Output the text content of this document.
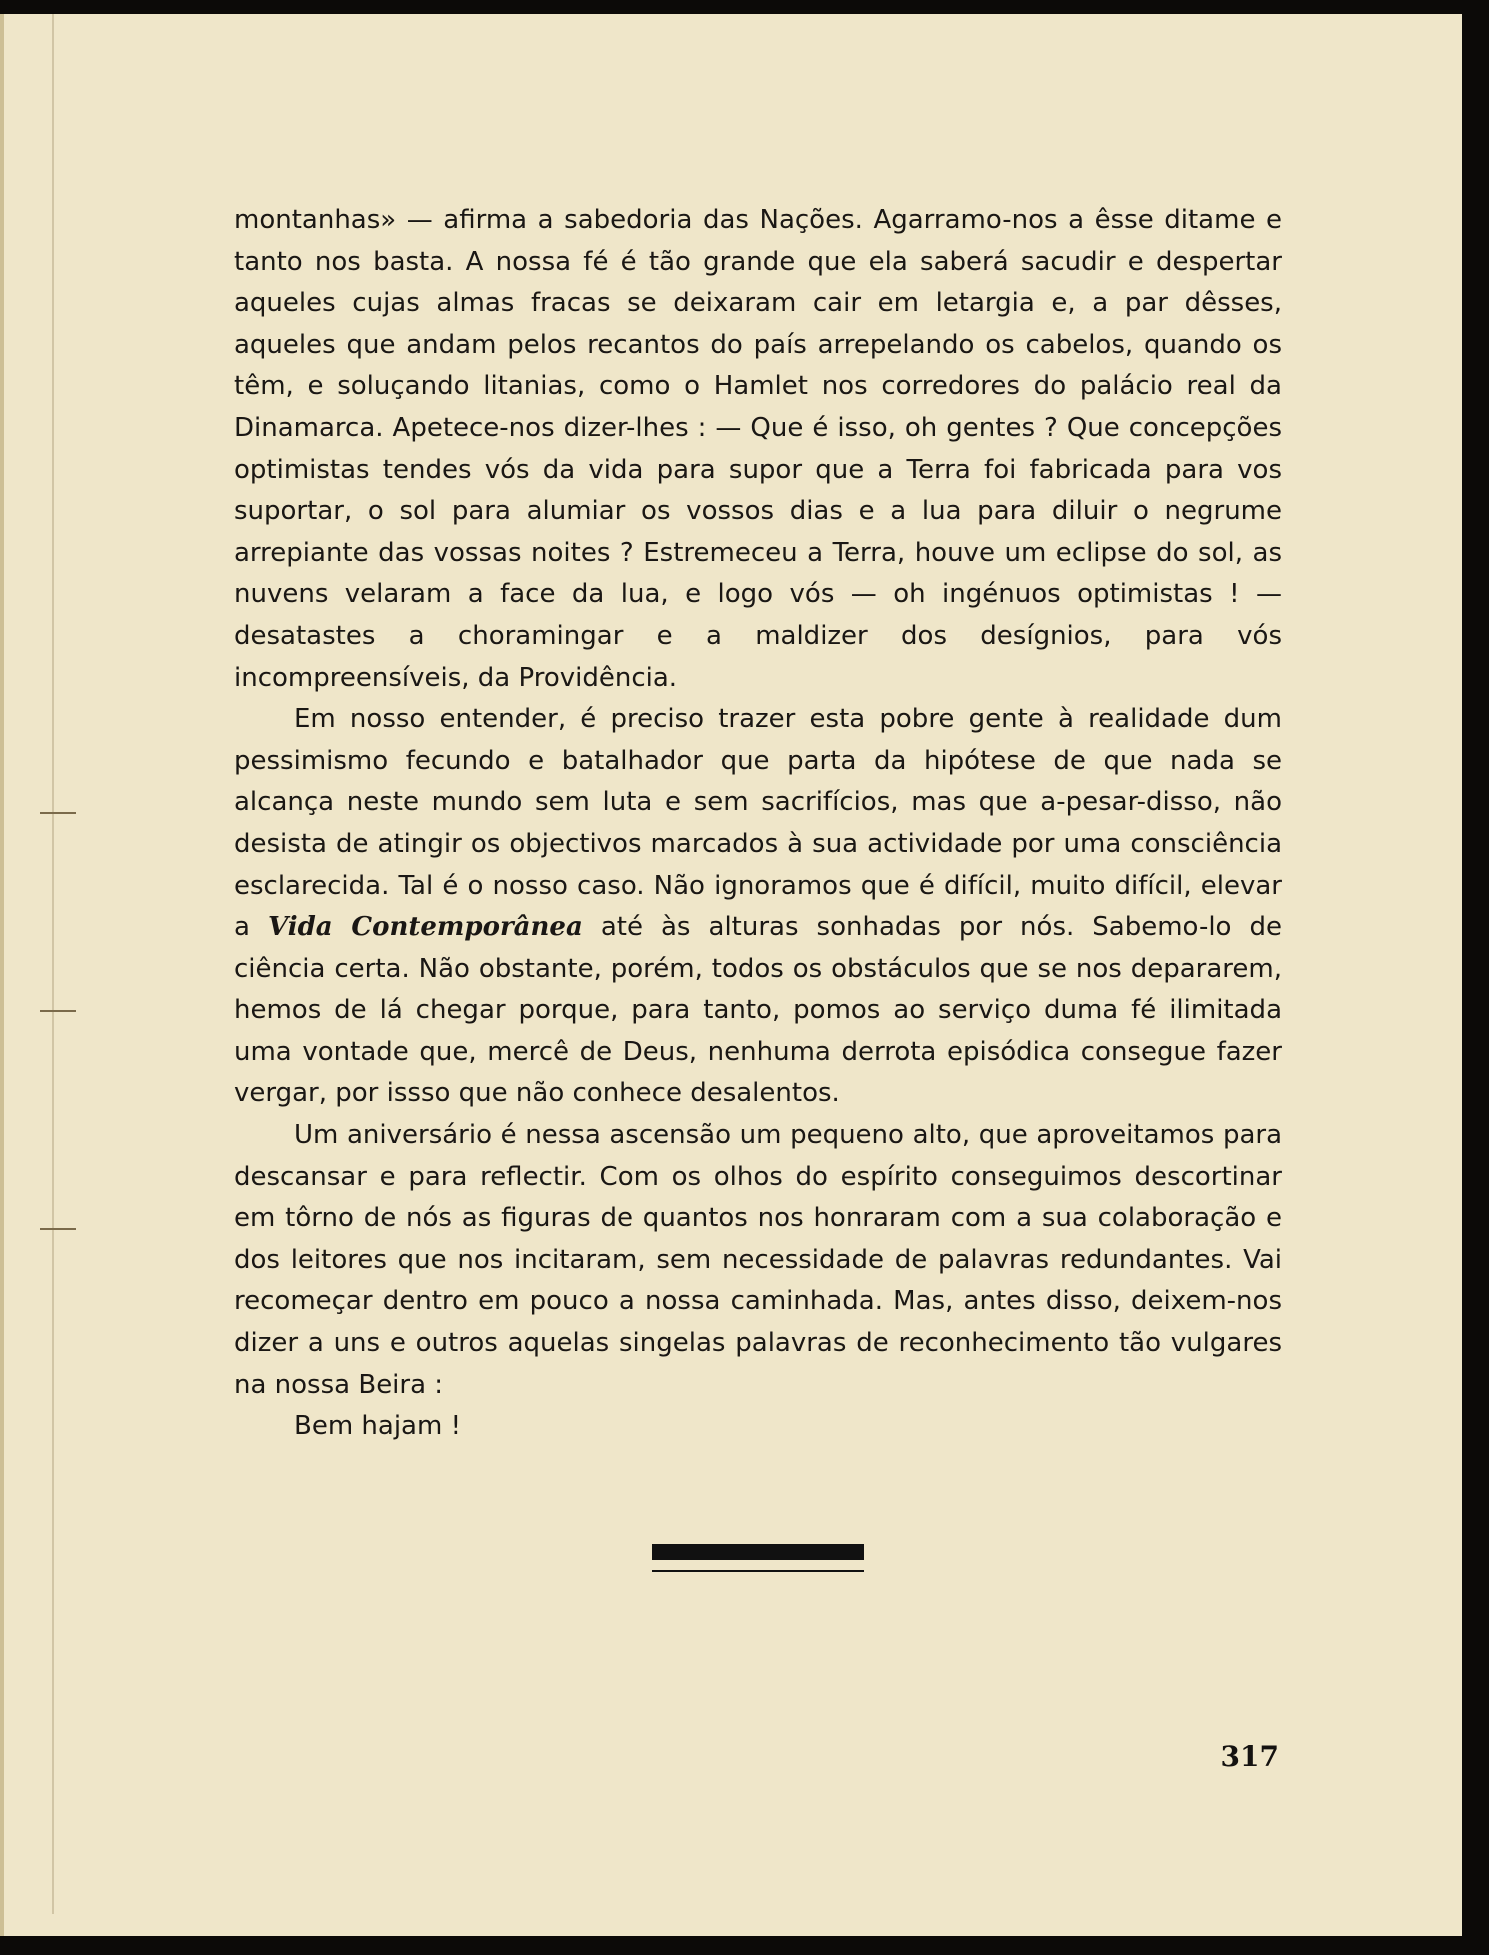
montanhas» — afirma a sabedoria das Nações. Agarramo-nos a êsse ditame e tanto nos basta. A nossa fé é tão grande que ela saberá sacudir e despertar aqueles cujas almas fracas se deixaram cair em letargia e, a par dêsses, aqueles que andam pelos recantos do país arrepelando os cabelos, quando os têm, e soluçando litanias, como o Hamlet nos corredores do palácio real da Dinamarca. Apetece-nos dizer-lhes : — Que é isso, oh gentes ? Que concepções optimistas tendes vós da vida para supor que a Terra foi fabricada para vos suportar, o sol para alumiar os vossos dias e a lua para diluir o negrume arrepiante das vossas noites ? Estremeceu a Terra, houve um eclipse do sol, as nuvens velaram a face da lua, e logo vós — oh ingénuos optimistas ! — desatastes a choramingar e a maldizer dos desígnios, para vós incompreensíveis, da Providência.

Em nosso entender, é preciso trazer esta pobre gente à realidade dum pessimismo fecundo e batalhador que parta da hipótese de que nada se alcança neste mundo sem luta e sem sacrifícios, mas que a-pesar-disso, não desista de atingir os objectivos marcados à sua actividade por uma consciência esclarecida. Tal é o nosso caso. Não ignoramos que é difícil, muito difícil, elevar a Vida Contemporânea até às alturas sonhadas por nós. Sabemo-lo de ciência certa. Não obstante, porém, todos os obstáculos que se nos depararem, hemos de lá chegar porque, para tanto, pomos ao serviço duma fé ilimitada uma vontade que, mercê de Deus, nenhuma derrota episódica consegue fazer vergar, por issso que não conhece desalentos.

Um aniversário é nessa ascensão um pequeno alto, que aproveitamos para descansar e para reflectir. Com os olhos do espírito conseguimos descortinar em tôrno de nós as figuras de quantos nos honraram com a sua colaboração e dos leitores que nos incitaram, sem necessidade de palavras redundantes. Vai recomeçar dentro em pouco a nossa caminhada. Mas, antes disso, deixem-nos dizer a uns e outros aquelas singelas palavras de reconhecimento tão vulgares na nossa Beira :

Bem hajam !

317
